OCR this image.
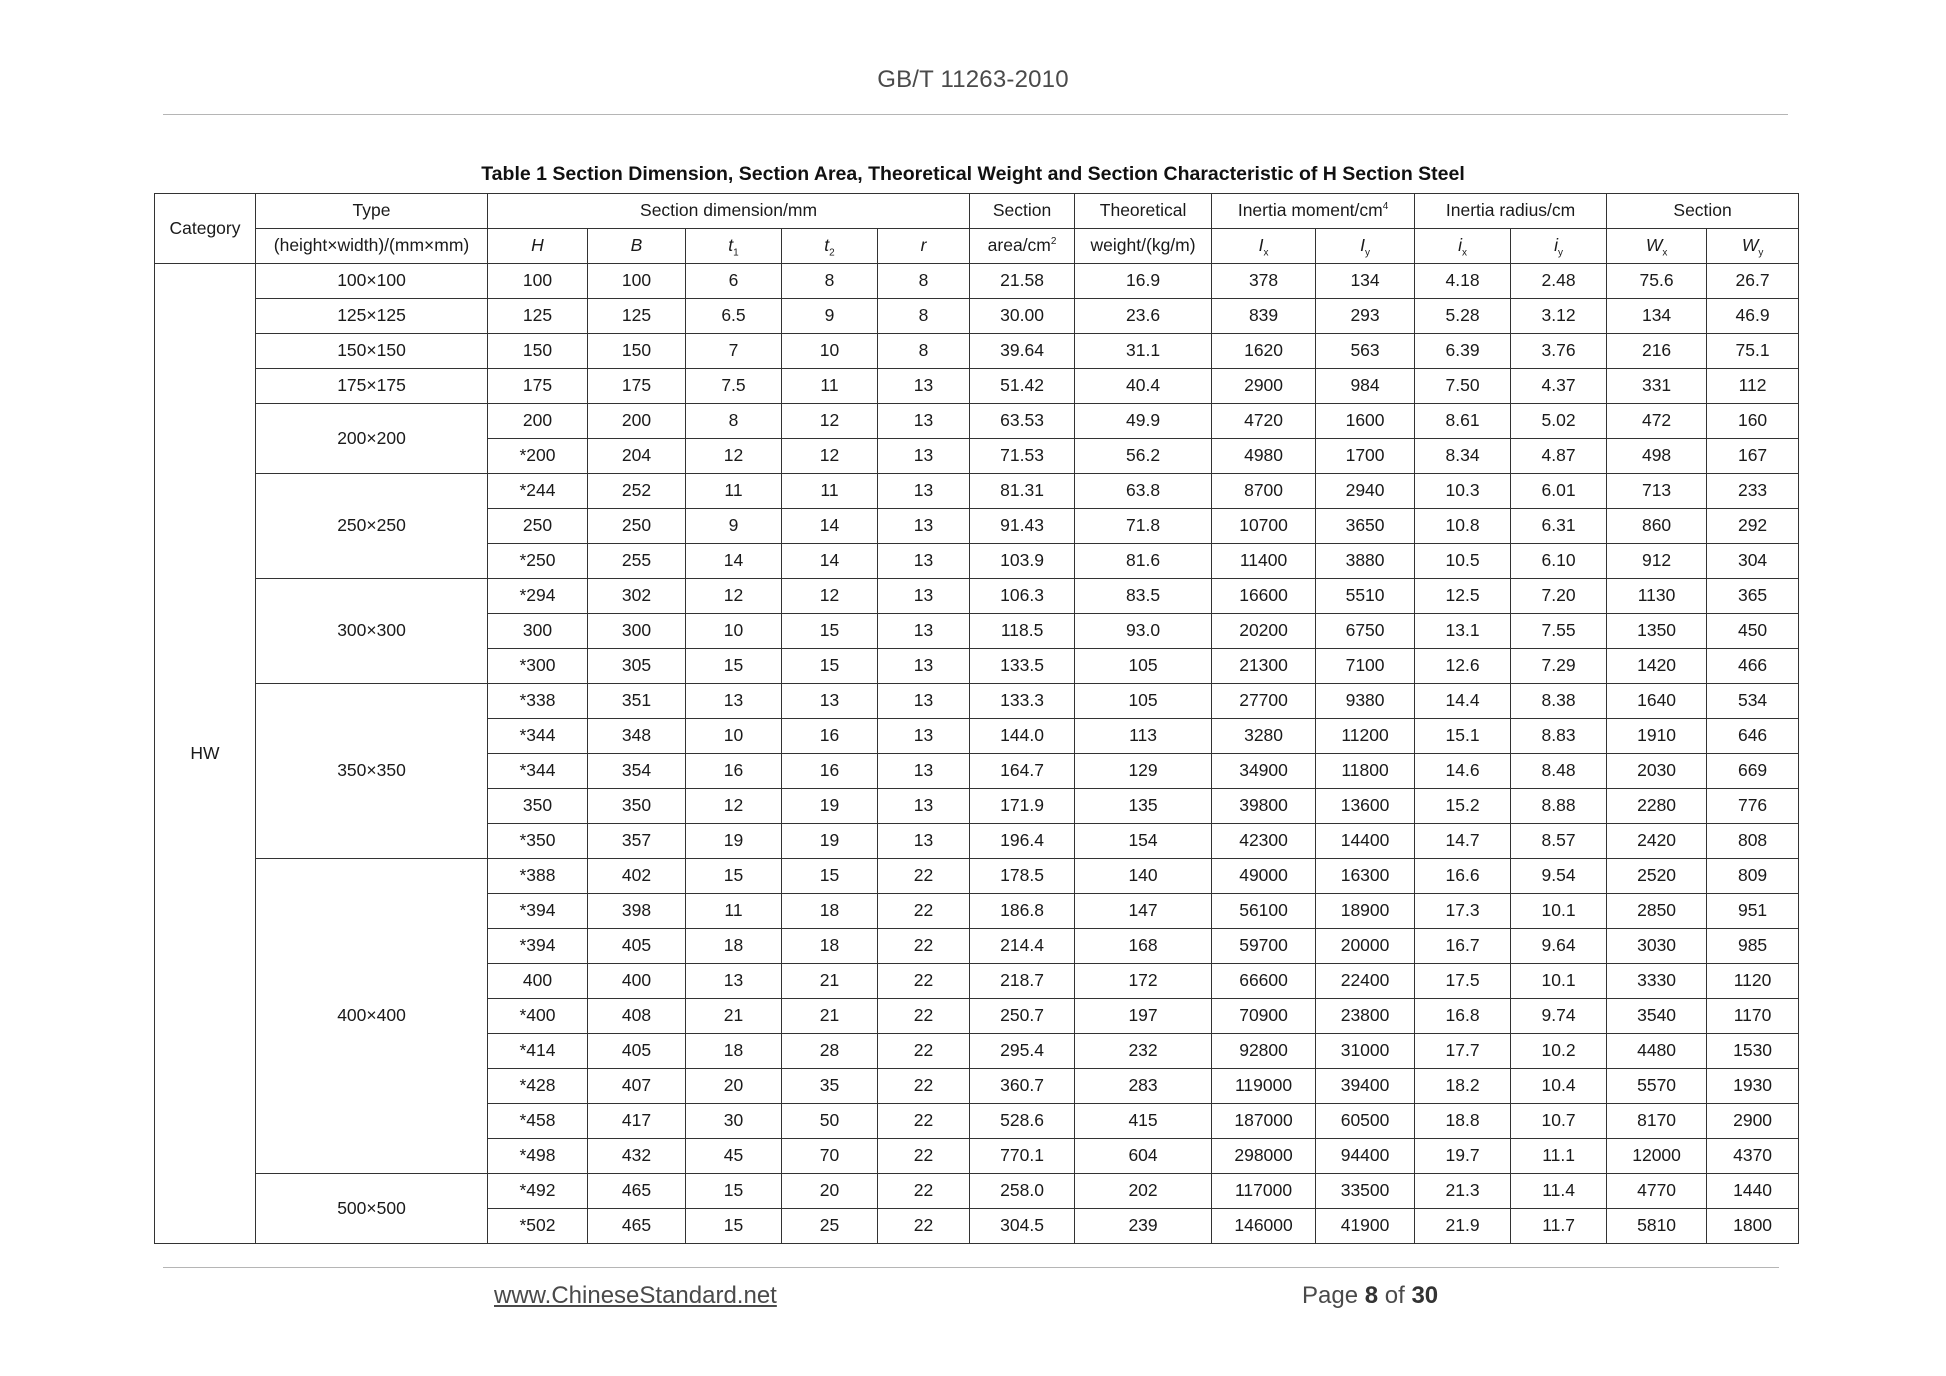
GB/T 11263-2010
Table 1 Section Dimension, Section Area, Theoretical Weight and Section Characteristic of H Section Steel
Category	Type	Section dimension/mm					Section	Theoretical	Inertia moment/$cm^4$		Inertia radius/cm		Section	
	(height×width)/(mm×mm)	H	B	$t_1$	$t_2$	r	area/$cm^2$	weight/(kg/m)	$I_x$	$I_y$	$i_x$	$i_y$	$W_x$	$W_y$
HW	100×100	100	100	6	8	8	21.58	16.9	378	134	4.18	2.48	75.6	26.7
	125×125	125	125	6.5	9	8	30.00	23.6	839	293	5.28	3.12	134	46.9
	150×150	150	150	7	10	8	39.64	31.1	1620	563	6.39	3.76	216	75.1
	175×175	175	175	7.5	11	13	51.42	40.4	2900	984	7.50	4.37	331	112
	200×200	200	200	8	12	13	63.53	49.9	4720	1600	8.61	5.02	472	160
		*200	204	12	12	13	71.53	56.2	4980	1700	8.34	4.87	498	167
	250×250	*244	252	11	11	13	81.31	63.8	8700	2940	10.3	6.01	713	233
		250	250	9	14	13	91.43	71.8	10700	3650	10.8	6.31	860	292
		*250	255	14	14	13	103.9	81.6	11400	3880	10.5	6.10	912	304
	300×300	*294	302	12	12	13	106.3	83.5	16600	5510	12.5	7.20	1130	365
		300	300	10	15	13	118.5	93.0	20200	6750	13.1	7.55	1350	450
		*300	305	15	15	13	133.5	105	21300	7100	12.6	7.29	1420	466
	350×350	*338	351	13	13	13	133.3	105	27700	9380	14.4	8.38	1640	534
		*344	348	10	16	13	144.0	113	3280	11200	15.1	8.83	1910	646
		*344	354	16	16	13	164.7	129	34900	11800	14.6	8.48	2030	669
		350	350	12	19	13	171.9	135	39800	13600	15.2	8.88	2280	776
		*350	357	19	19	13	196.4	154	42300	14400	14.7	8.57	2420	808
	400×400	*388	402	15	15	22	178.5	140	49000	16300	16.6	9.54	2520	809
		*394	398	11	18	22	186.8	147	56100	18900	17.3	10.1	2850	951
		*394	405	18	18	22	214.4	168	59700	20000	16.7	9.64	3030	985
		400	400	13	21	22	218.7	172	66600	22400	17.5	10.1	3330	1120
		*400	408	21	21	22	250.7	197	70900	23800	16.8	9.74	3540	1170
		*414	405	18	28	22	295.4	232	92800	31000	17.7	10.2	4480	1530
		*428	407	20	35	22	360.7	283	119000	39400	18.2	10.4	5570	1930
		*458	417	30	50	22	528.6	415	187000	60500	18.8	10.7	8170	2900
		*498	432	45	70	22	770.1	604	298000	94400	19.7	11.1	12000	4370
	500×500	*492	465	15	20	22	258.0	202	117000	33500	21.3	11.4	4770	1440
		*502	465	15	25	22	304.5	239	146000	41900	21.9	11.7	5810	1800
www.ChineseStandard.net	Page 8 of 30
